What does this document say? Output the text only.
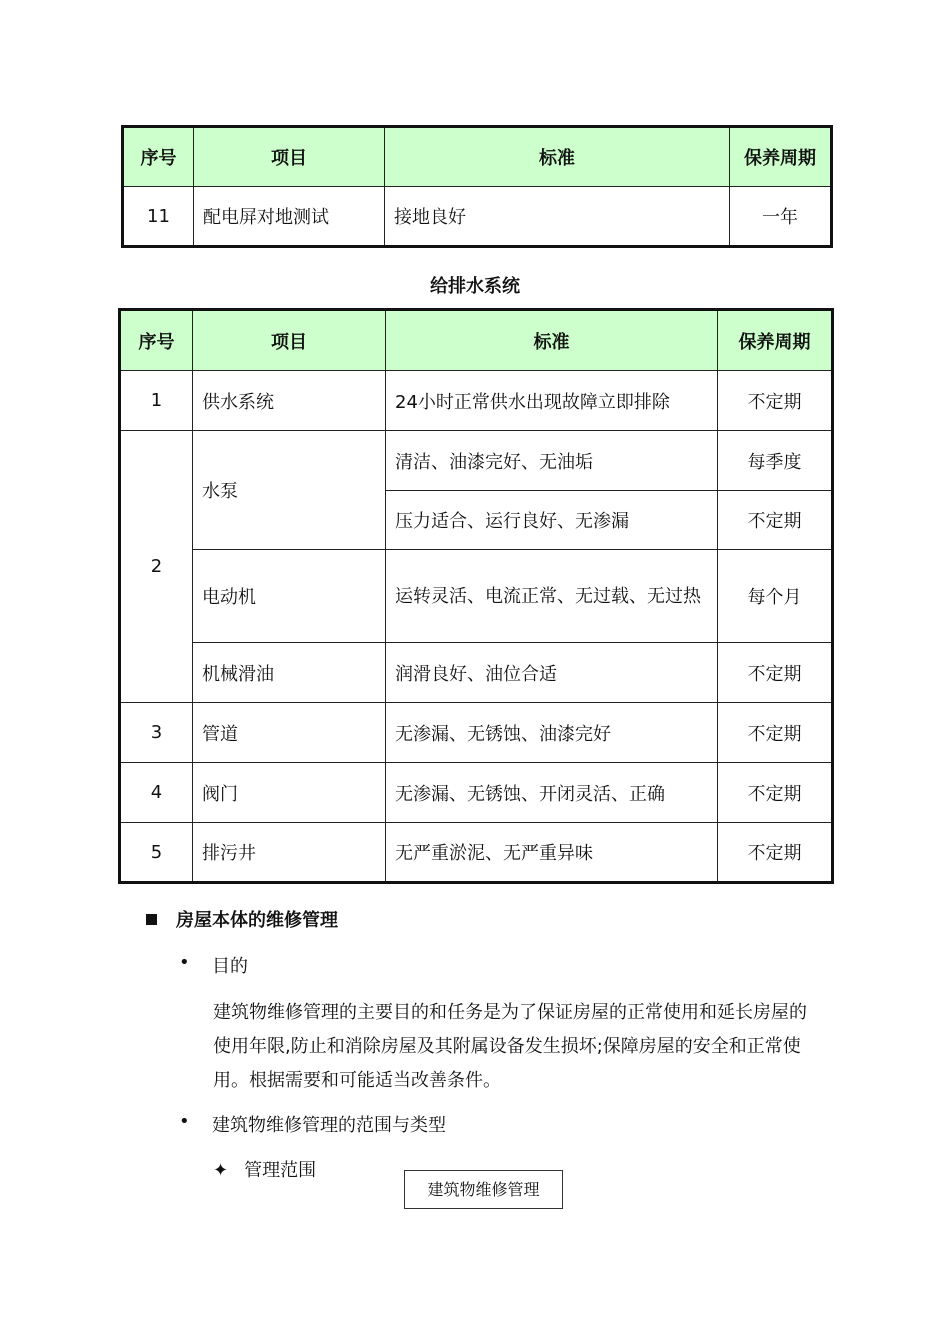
序号	项目	标准	保养周期
11	配电屏对地测试	接地良好	一年
给排水系统
序号	项目	标准	保养周期
1	供水系统	24小时正常供水出现故障立即排除	不定期
2	水泵	清洁、油漆完好、无油垢	每季度
		压力适合、运行良好、无渗漏	不定期
	电动机	运转灵活、电流正常、无过载、无过热	每个月
	机械滑油	润滑良好、油位合适	不定期
3	管道	无渗漏、无锈蚀、油漆完好	不定期
4	阀门	无渗漏、无锈蚀、开闭灵活、正确	不定期
5	排污井	无严重淤泥、无严重异味	不定期
房屋本体的维修管理
• 目的
建筑物维修管理的主要目的和任务是为了保证房屋的正常使用和延长房屋的使用年限,防止和消除房屋及其附属设备发生损坏;保障房屋的安全和正常使用。根据需要和可能适当改善条件。
• 建筑物维修管理的范围与类型
✦ 管理范围
建筑物维修管理
